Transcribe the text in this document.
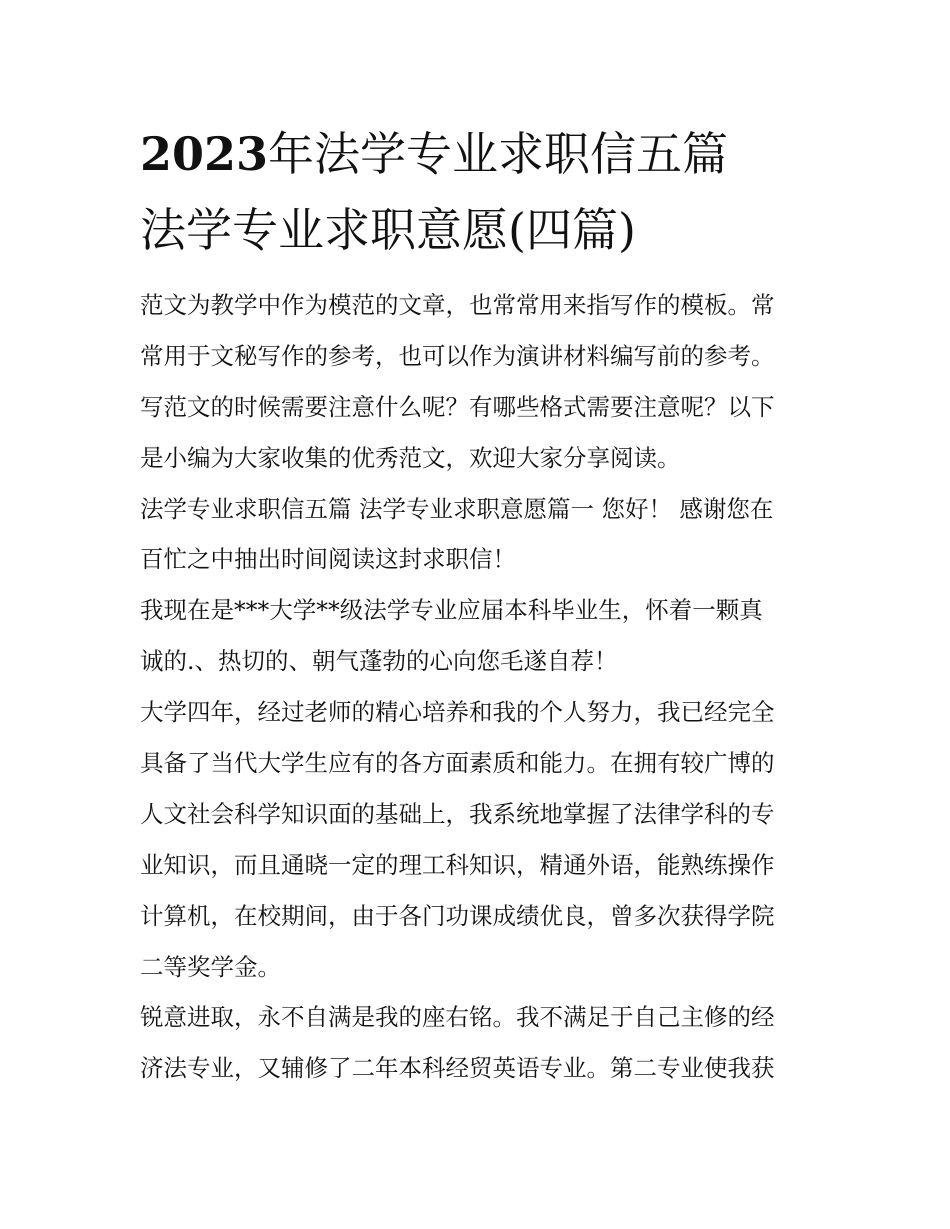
2023年法学专业求职信五篇
法学专业求职意愿(四篇)
范文为教学中作为模范的文章，也常常用来指写作的模板。常
常用于文秘写作的参考，也可以作为演讲材料编写前的参考。
写范文的时候需要注意什么呢？有哪些格式需要注意呢？以下
是小编为大家收集的优秀范文，欢迎大家分享阅读。
法学专业求职信五篇 法学专业求职意愿篇一 您好！ 感谢您在
百忙之中抽出时间阅读这封求职信！
我现在是***大学**级法学专业应届本科毕业生，怀着一颗真
诚的.、热切的、朝气蓬勃的心向您毛遂自荐！
大学四年，经过老师的精心培养和我的个人努力，我已经完全
具备了当代大学生应有的各方面素质和能力。在拥有较广博的
人文社会科学知识面的基础上，我系统地掌握了法律学科的专
业知识，而且通晓一定的理工科知识，精通外语，能熟练操作
计算机，在校期间，由于各门功课成绩优良，曾多次获得学院
二等奖学金。
锐意进取，永不自满是我的座右铭。我不满足于自己主修的经
济法专业，又辅修了二年本科经贸英语专业。第二专业使我获
